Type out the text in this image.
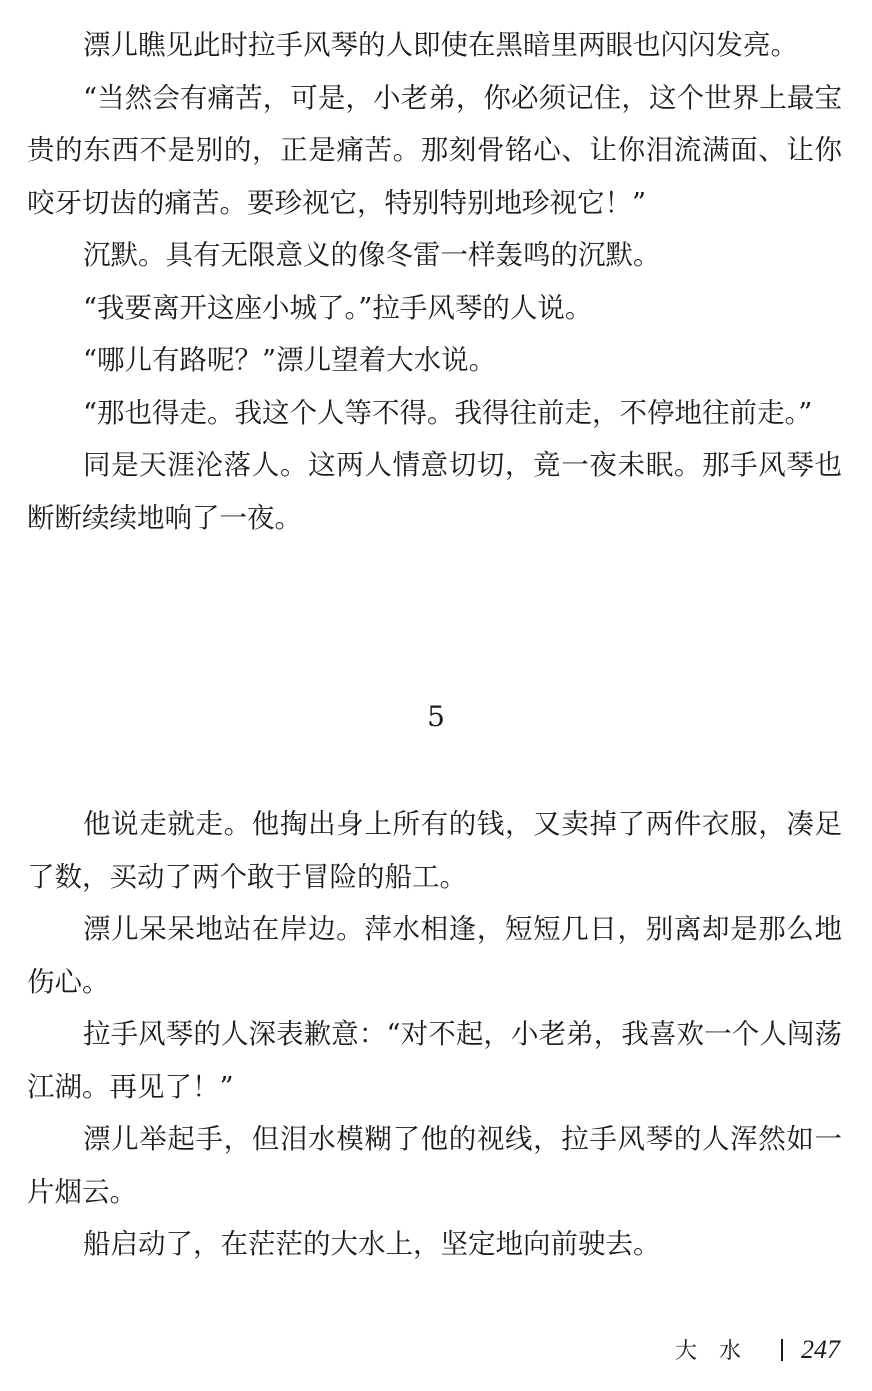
漂儿瞧见此时拉手风琴的人即使在黑暗里两眼也闪闪发亮。

“当然会有痛苦，可是，小老弟，你必须记住，这个世界上最宝贵的东西不是别的，正是痛苦。那刻骨铭心、让你泪流满面、让你咬牙切齿的痛苦。要珍视它，特别特别地珍视它！”

沉默。具有无限意义的像冬雷一样轰鸣的沉默。

“我要离开这座小城了。”拉手风琴的人说。

“哪儿有路呢？”漂儿望着大水说。

“那也得走。我这个人等不得。我得往前走，不停地往前走。”

同是天涯沦落人。这两人情意切切，竟一夜未眠。那手风琴也断断续续地响了一夜。

5

他说走就走。他掏出身上所有的钱，又卖掉了两件衣服，凑足了数，买动了两个敢于冒险的船工。

漂儿呆呆地站在岸边。萍水相逢，短短几日，别离却是那么地伤心。

拉手风琴的人深表歉意：“对不起，小老弟，我喜欢一个人闯荡江湖。再见了！”

漂儿举起手，但泪水模糊了他的视线，拉手风琴的人浑然如一片烟云。

船启动了，在茫茫的大水上，坚定地向前驶去。

大水 247
